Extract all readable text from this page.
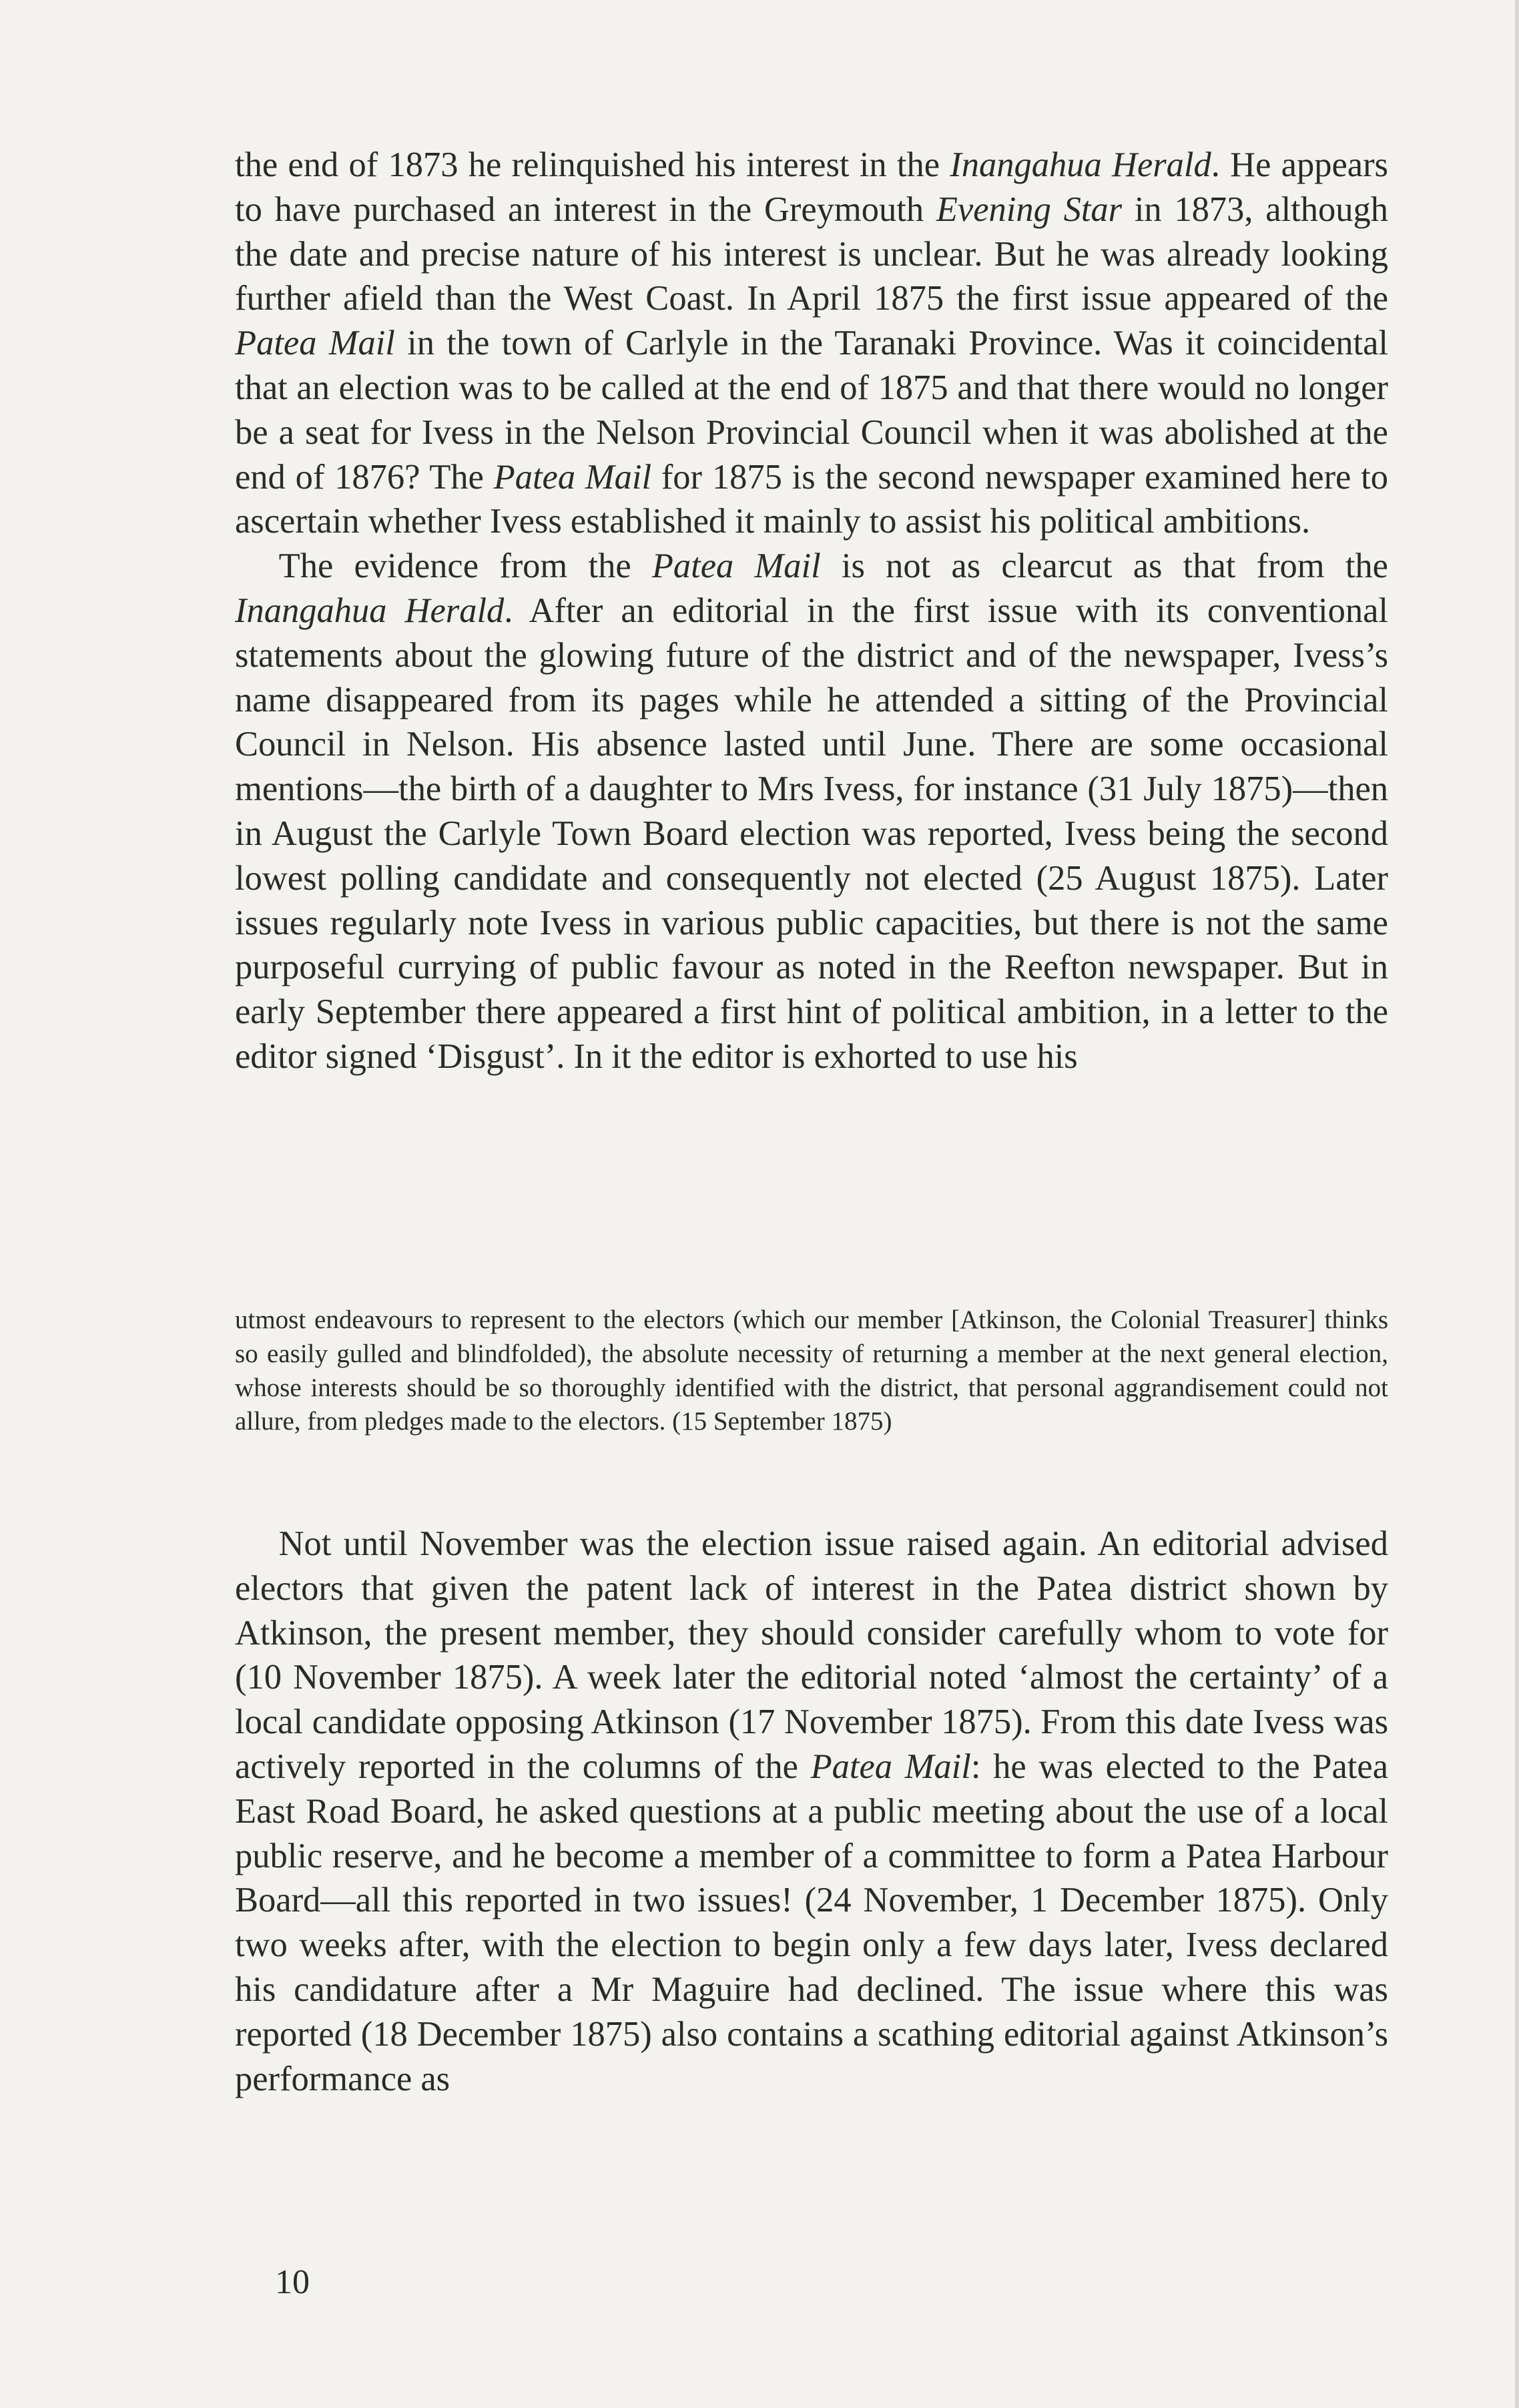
the end of 1873 he relinquished his interest in the Inangahua Herald. He appears to have purchased an interest in the Greymouth Evening Star in 1873, although the date and precise nature of his interest is unclear. But he was already looking further afield than the West Coast. In April 1875 the first issue appeared of the Patea Mail in the town of Carlyle in the Taranaki Province. Was it coincidental that an election was to be called at the end of 1875 and that there would no longer be a seat for Ivess in the Nelson Provincial Council when it was abolished at the end of 1876? The Patea Mail for 1875 is the second newspaper examined here to ascertain whether Ivess established it mainly to assist his political ambitions.

The evidence from the Patea Mail is not as clearcut as that from the Inangahua Herald. After an editorial in the first issue with its conventional statements about the glowing future of the district and of the newspaper, Ivess’s name disappeared from its pages while he attended a sitting of the Provincial Council in Nelson. His absence lasted until June. There are some occasional mentions—the birth of a daughter to Mrs Ivess, for instance (31 July 1875)—then in August the Carlyle Town Board election was reported, Ivess being the second lowest polling candidate and consequently not elected (25 August 1875). Later issues regularly note Ivess in various public capacities, but there is not the same purposeful currying of public favour as noted in the Reefton newspaper. But in early September there appeared a first hint of political ambition, in a letter to the editor signed ‘Disgust’. In it the editor is exhorted to use his

utmost endeavours to represent to the electors (which our member [Atkinson, the Colonial Treasurer] thinks so easily gulled and blindfolded), the absolute necessity of returning a member at the next general election, whose interests should be so thoroughly identified with the district, that personal aggrandisement could not allure, from pledges made to the electors. (15 September 1875)

Not until November was the election issue raised again. An editorial advised electors that given the patent lack of interest in the Patea district shown by Atkinson, the present member, they should consider carefully whom to vote for (10 November 1875). A week later the editorial noted ‘almost the certainty’ of a local candidate opposing Atkinson (17 November 1875). From this date Ivess was actively reported in the columns of the Patea Mail: he was elected to the Patea East Road Board, he asked questions at a public meeting about the use of a local public reserve, and he become a member of a committee to form a Patea Harbour Board—all this reported in two issues! (24 November, 1 December 1875). Only two weeks after, with the election to begin only a few days later, Ivess declared his candidature after a Mr Maguire had declined. The issue where this was reported (18 December 1875) also contains a scathing editorial against Atkinson’s performance as

10
